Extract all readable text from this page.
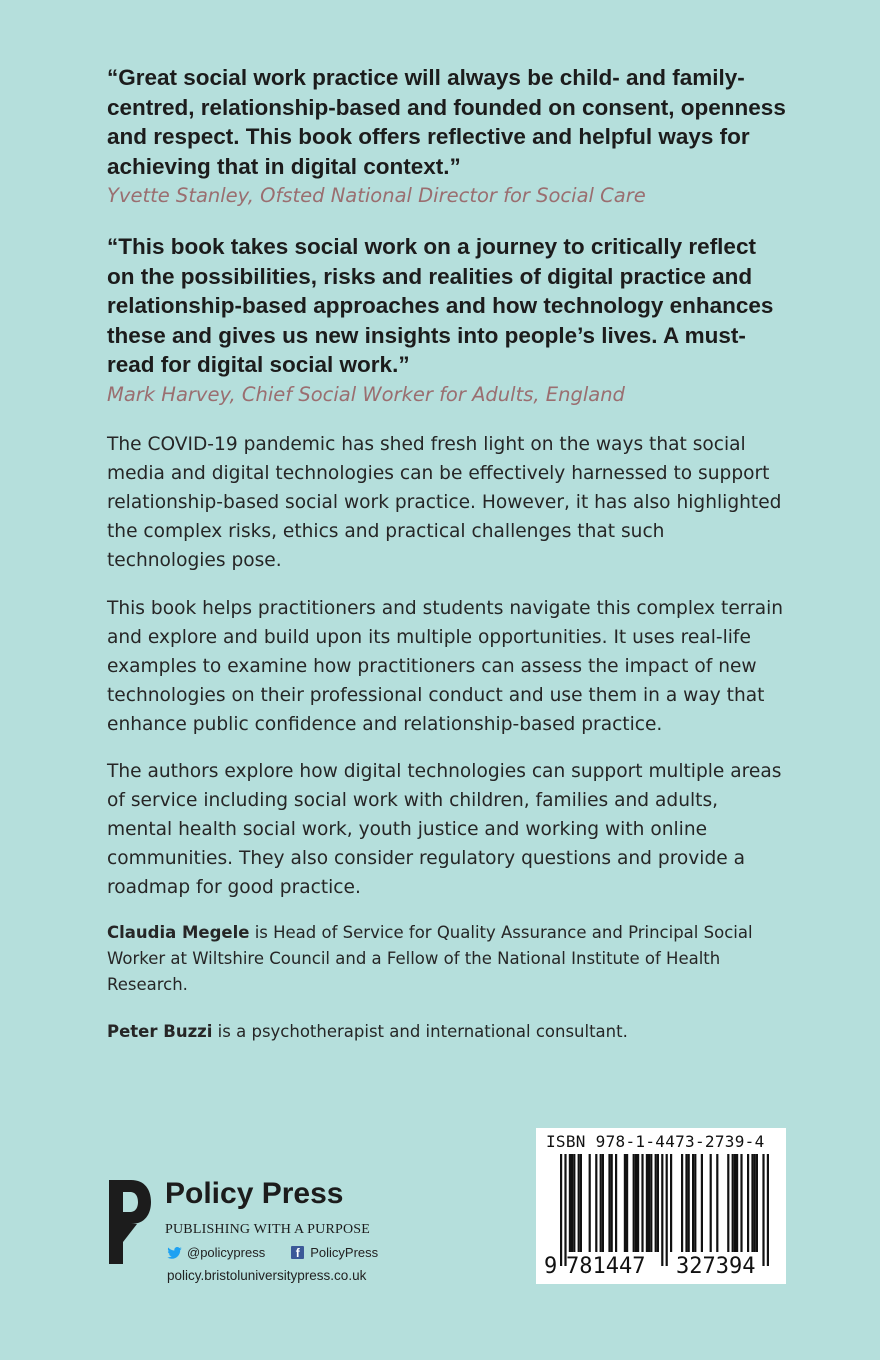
“Great social work practice will always be child- and family-centred, relationship-based and founded on consent, openness and respect. This book offers reflective and helpful ways for achieving that in digital context.”

Yvette Stanley, Ofsted National Director for Social Care

“This book takes social work on a journey to critically reflect on the possibilities, risks and realities of digital practice and relationship-based approaches and how technology enhances these and gives us new insights into people’s lives. A must-read for digital social work.”

Mark Harvey, Chief Social Worker for Adults, England

The COVID-19 pandemic has shed fresh light on the ways that social media and digital technologies can be effectively harnessed to support relationship-based social work practice. However, it has also highlighted the complex risks, ethics and practical challenges that such technologies pose.

This book helps practitioners and students navigate this complex terrain and explore and build upon its multiple opportunities. It uses real-life examples to examine how practitioners can assess the impact of new technologies on their professional conduct and use them in a way that enhance public confidence and relationship-based practice.

The authors explore how digital technologies can support multiple areas of service including social work with children, families and adults, mental health social work, youth justice and working with online communities. They also consider regulatory questions and provide a roadmap for good practice.

Claudia Megele is Head of Service for Quality Assurance and Principal Social Worker at Wiltshire Council and a Fellow of the National Institute of Health Research.

Peter Buzzi is a psychotherapist and international consultant.

Policy Press
PUBLISHING WITH A PURPOSE
@policypress	f PolicyPress
policy.bristoluniversitypress.co.uk
ISBN 978-1-4473-2739-4
9 781447 327394
